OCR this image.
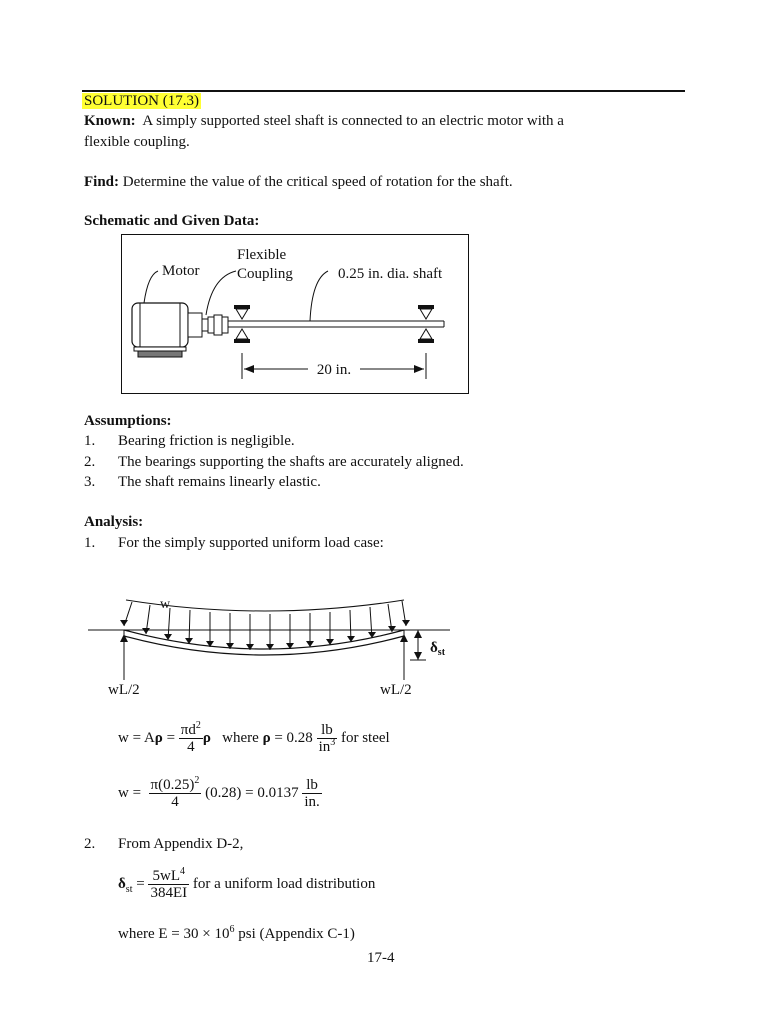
SOLUTION (17.3)
Known: A simply supported steel shaft is connected to an electric motor with a
flexible coupling.
Find: Determine the value of the critical speed of rotation for the shaft.
Schematic and Given Data:
Motor
Flexible
Coupling	0.25 in. dia. shaft
20 in.
Assumptions:
1. Bearing friction is negligible.
2. The bearings supporting the shafts are accurately aligned.
3. The shaft remains linearly elastic.
Analysis:
1. For the simply supported uniform load case:
w
$\delta_{st}$
wL/2	wL/2
$w = A\rho = \frac{\pi d^2}{4}$ ρ where $\rho = 0.28 \frac{lb}{in^3}$ for steel
$w = \frac{\pi(0.25)^2}{4} (0.28) = 0.0137 \frac{lb}{in.}$
2. From Appendix D-2,
$\delta_{st} = \frac{5wL^4}{384EI}$ for a uniform load distribution
where $E = 30 \times 10^6$ psi (Appendix C-1)
17-4
